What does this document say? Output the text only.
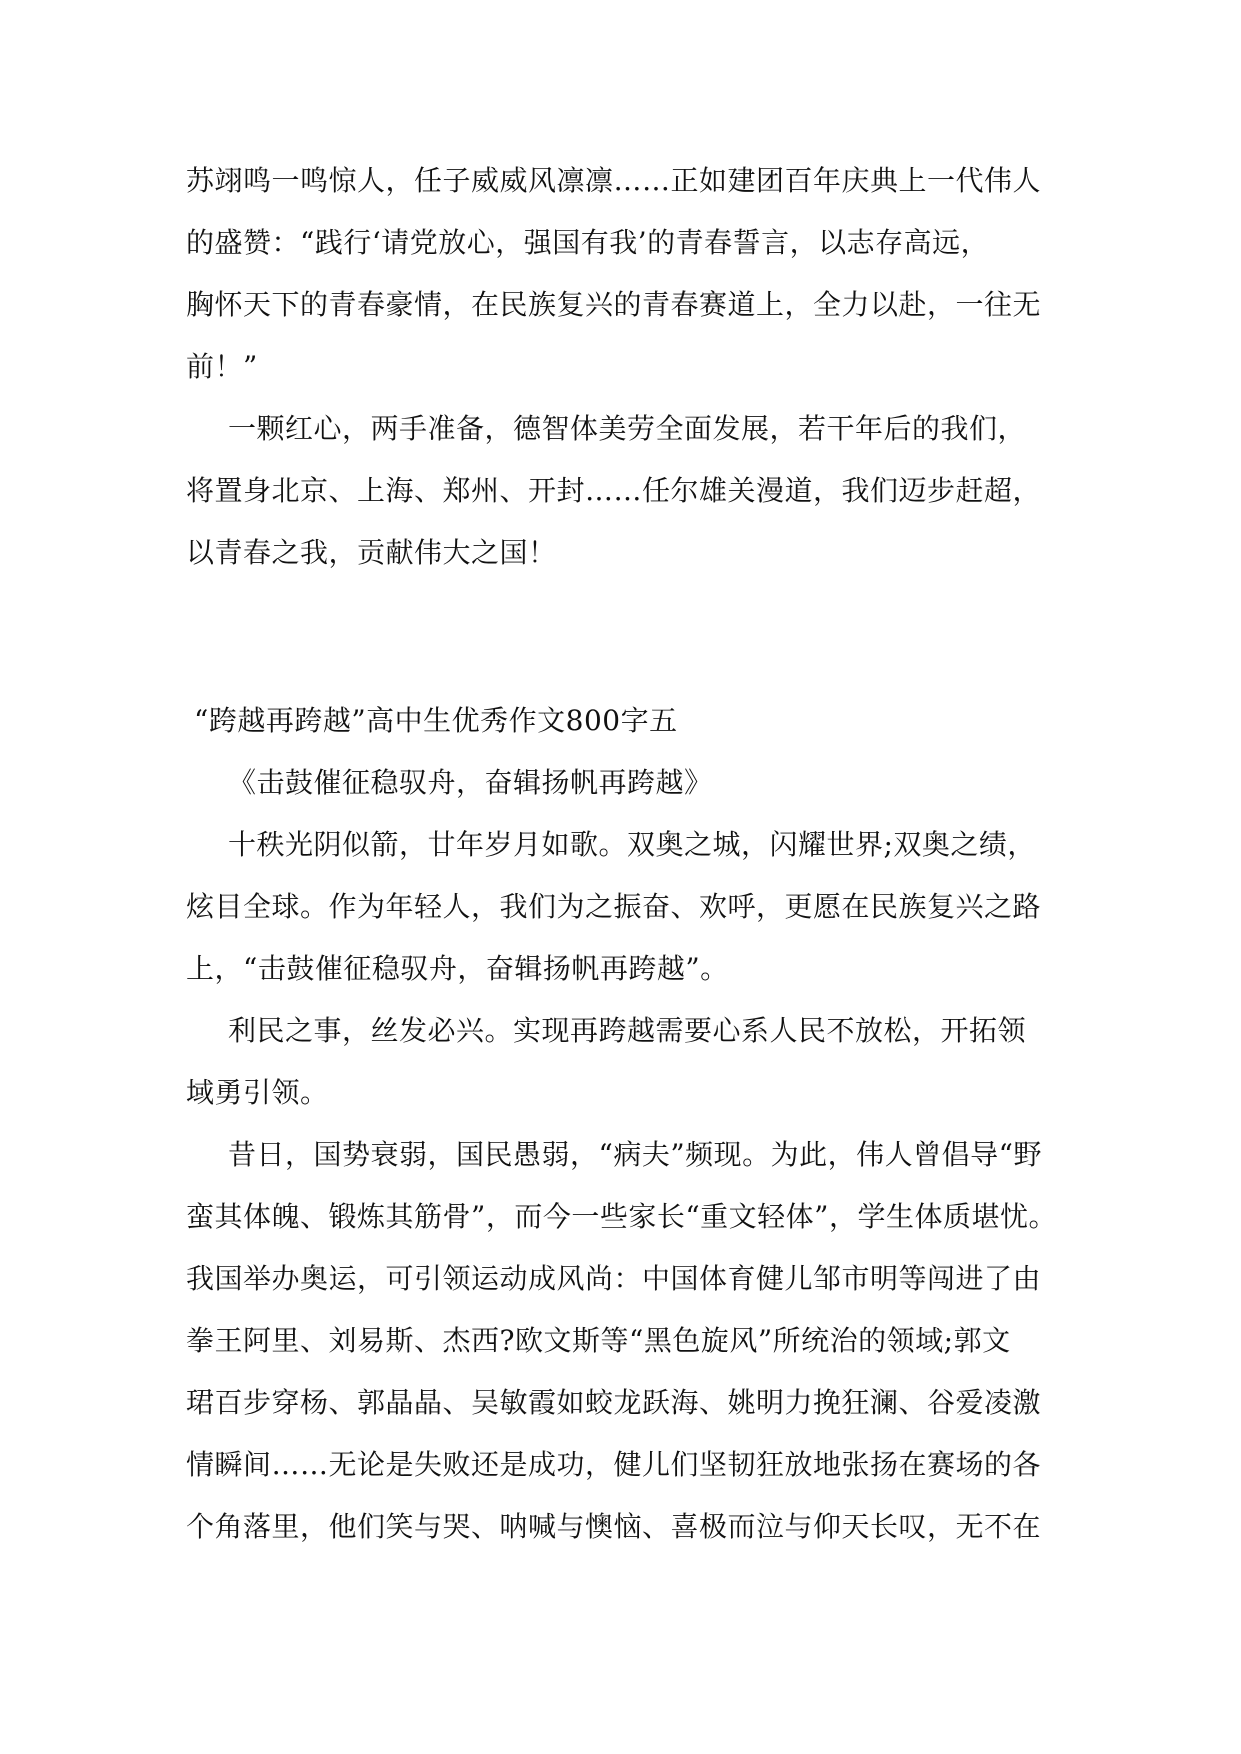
苏翊鸣一鸣惊人，任子威威风凛凛……正如建团百年庆典上一代伟人
的盛赞：“践行‘请党放心，强国有我’的青春誓言，以志存高远，
胸怀天下的青春豪情，在民族复兴的青春赛道上，全力以赴，一往无
前！”
一颗红心，两手准备，德智体美劳全面发展，若干年后的我们，
将置身北京、上海、郑州、开封……任尔雄关漫道，我们迈步赶超，
以青春之我，贡献伟大之国！
“跨越再跨越”高中生优秀作文800字五
《击鼓催征稳驭舟，奋辑扬帆再跨越》
十秩光阴似箭，廿年岁月如歌。双奥之城，闪耀世界;双奥之绩，
炫目全球。作为年轻人，我们为之振奋、欢呼，更愿在民族复兴之路
上，“击鼓催征稳驭舟，奋辑扬帆再跨越”。
利民之事，丝发必兴。实现再跨越需要心系人民不放松，开拓领
域勇引领。
昔日，国势衰弱，国民愚弱，“病夫”频现。为此，伟人曾倡导“野
蛮其体魄、锻炼其筋骨”，而今一些家长“重文轻体”，学生体质堪忧。
我国举办奥运，可引领运动成风尚：中国体育健儿邹市明等闯进了由
拳王阿里、刘易斯、杰西?欧文斯等“黑色旋风”所统治的领域;郭文
珺百步穿杨、郭晶晶、吴敏霞如蛟龙跃海、姚明力挽狂澜、谷爱凌激
情瞬间……无论是失败还是成功，健儿们坚韧狂放地张扬在赛场的各
个角落里，他们笑与哭、呐喊与懊恼、喜极而泣与仰天长叹，无不在
